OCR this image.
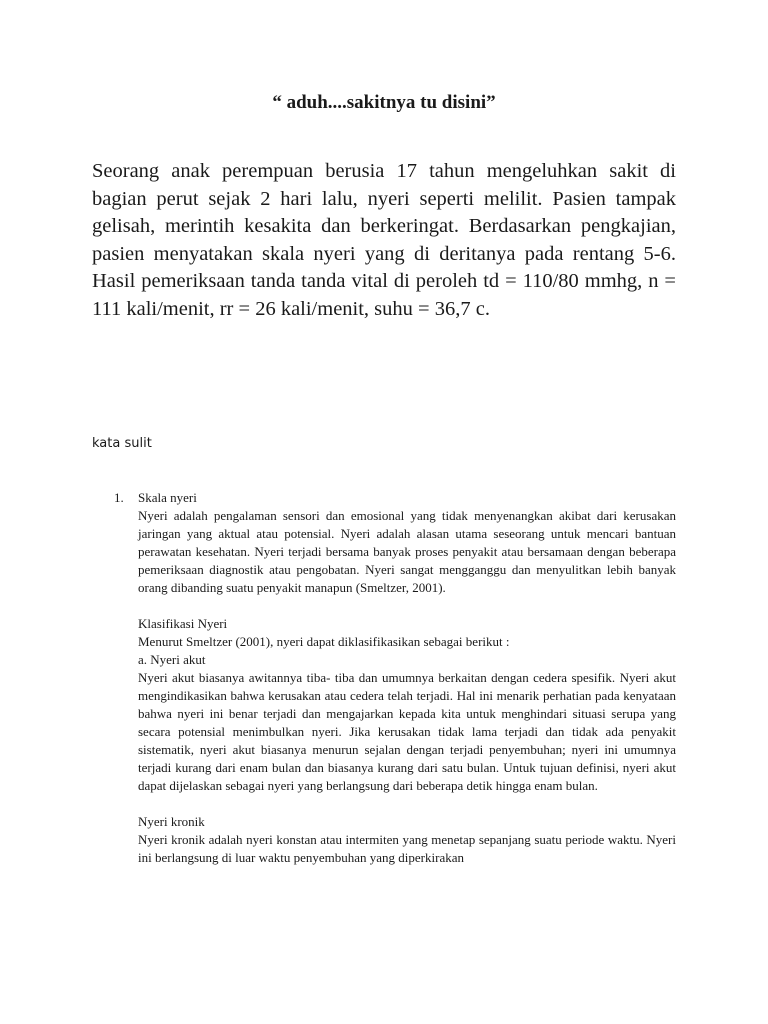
“ aduh....sakitnya tu disini”

Seorang anak perempuan berusia 17 tahun mengeluhkan sakit di bagian perut sejak 2 hari lalu, nyeri seperti melilit. Pasien tampak gelisah, merintih kesakita dan berkeringat. Berdasarkan pengkajian, pasien menyatakan skala nyeri yang di deritanya pada rentang 5-6. Hasil pemeriksaan tanda tanda vital di peroleh td = 110/80 mmhg, n = 111 kali/menit, rr = 26 kali/menit, suhu = 36,7 c.

kata sulit

1. Skala nyeri

Nyeri adalah pengalaman sensori dan emosional yang tidak menyenangkan akibat dari kerusakan jaringan yang aktual atau potensial. Nyeri adalah alasan utama seseorang untuk mencari bantuan perawatan kesehatan. Nyeri terjadi bersama banyak proses penyakit atau bersamaan dengan beberapa pemeriksaan diagnostik atau pengobatan. Nyeri sangat mengganggu dan menyulitkan lebih banyak orang dibanding suatu penyakit manapun (Smeltzer, 2001).

Klasifikasi Nyeri

Menurut Smeltzer (2001), nyeri dapat diklasifikasikan sebagai berikut :

a. Nyeri akut

Nyeri akut biasanya awitannya tiba- tiba dan umumnya berkaitan dengan cedera spesifik. Nyeri akut mengindikasikan bahwa kerusakan atau cedera telah terjadi. Hal ini menarik perhatian pada kenyataan bahwa nyeri ini benar terjadi dan mengajarkan kepada kita untuk menghindari situasi serupa yang secara potensial menimbulkan nyeri. Jika kerusakan tidak lama terjadi dan tidak ada penyakit sistematik, nyeri akut biasanya menurun sejalan dengan terjadi penyembuhan; nyeri ini umumnya terjadi kurang dari enam bulan dan biasanya kurang dari satu bulan. Untuk tujuan definisi, nyeri akut dapat dijelaskan sebagai nyeri yang berlangsung dari beberapa detik hingga enam bulan.

Nyeri kronik

Nyeri kronik adalah nyeri konstan atau intermiten yang menetap sepanjang suatu periode waktu. Nyeri ini berlangsung di luar waktu penyembuhan yang diperkirakan
